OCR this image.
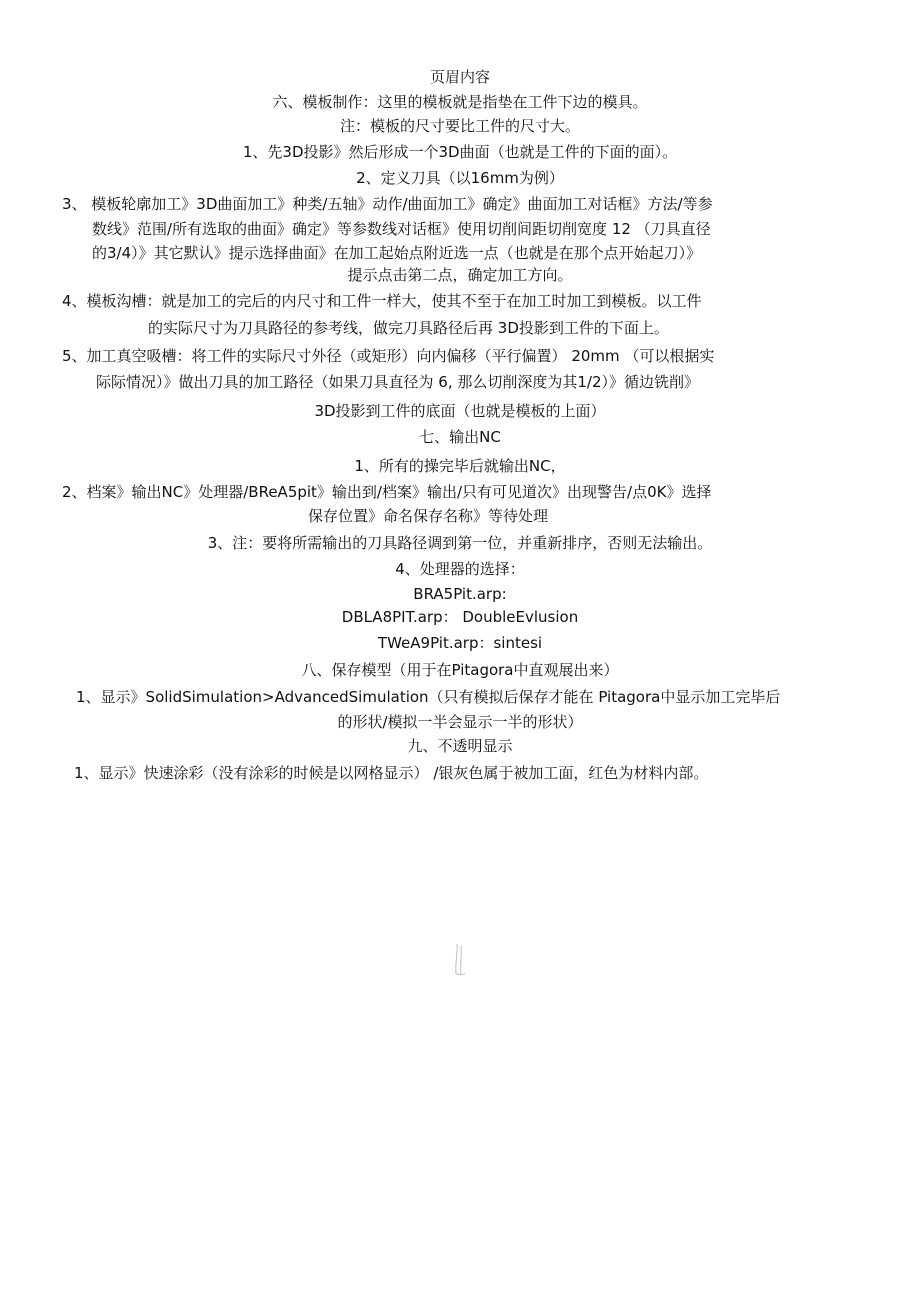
页眉内容
六、模板制作：这里的模板就是指垫在工件下边的模具。
注：模板的尺寸要比工件的尺寸大。
1、先3D投影》然后形成一个3D曲面（也就是工件的下面的面）。
2、定义刀具（以16mm为例）
3、 模板轮廓加工》3D曲面加工》种类/五轴》动作/曲面加工》确定》曲面加工对话框》方法/等参
数线》范围/所有选取的曲面》确定》等参数线对话框》使用切削间距切削宽度 12 （刀具直径
的3/4）》其它默认》提示选择曲面》在加工起始点附近选一点（也就是在那个点开始起刀）》
提示点击第二点，确定加工方向。
4、模板沟槽：就是加工的完后的内尺寸和工件一样大，使其不至于在加工时加工到模板。以工件
的实际尺寸为刀具路径的参考线，做完刀具路径后再 3D投影到工件的下面上。
5、加工真空吸槽：将工件的实际尺寸外径（或矩形）向内偏移（平行偏置） 20mm （可以根据实
际际情况）》做出刀具的加工路径（如果刀具直径为 6, 那么切削深度为其1/2）》循边铣削》
3D投影到工件的底面（也就是模板的上面）
七、输出NC
1、所有的操完毕后就输出NC，
2、档案》输出NC》处理器/BReA5pit》输出到/档案》输出/只有可见道次》出现警告/点0K》选择
保存位置》命名保存名称》等待处理
3、注：要将所需输出的刀具路径调到第一位，并重新排序，否则无法输出。
4、处理器的选择：
BRA5Pit.arp:
DBLA8PIT.arp： DoubleEvlusion
TWeA9Pit.arp：sintesi
八、保存模型（用于在Pitagora中直观展出来）
1、显示》SolidSimulation>AdvancedSimulation（只有模拟后保存才能在 Pitagora中显示加工完毕后
的形状/模拟一半会显示一半的形状）
九、不透明显示
1、显示》快速涂彩（没有涂彩的时候是以网格显示） /银灰色属于被加工面，红色为材料内部。
